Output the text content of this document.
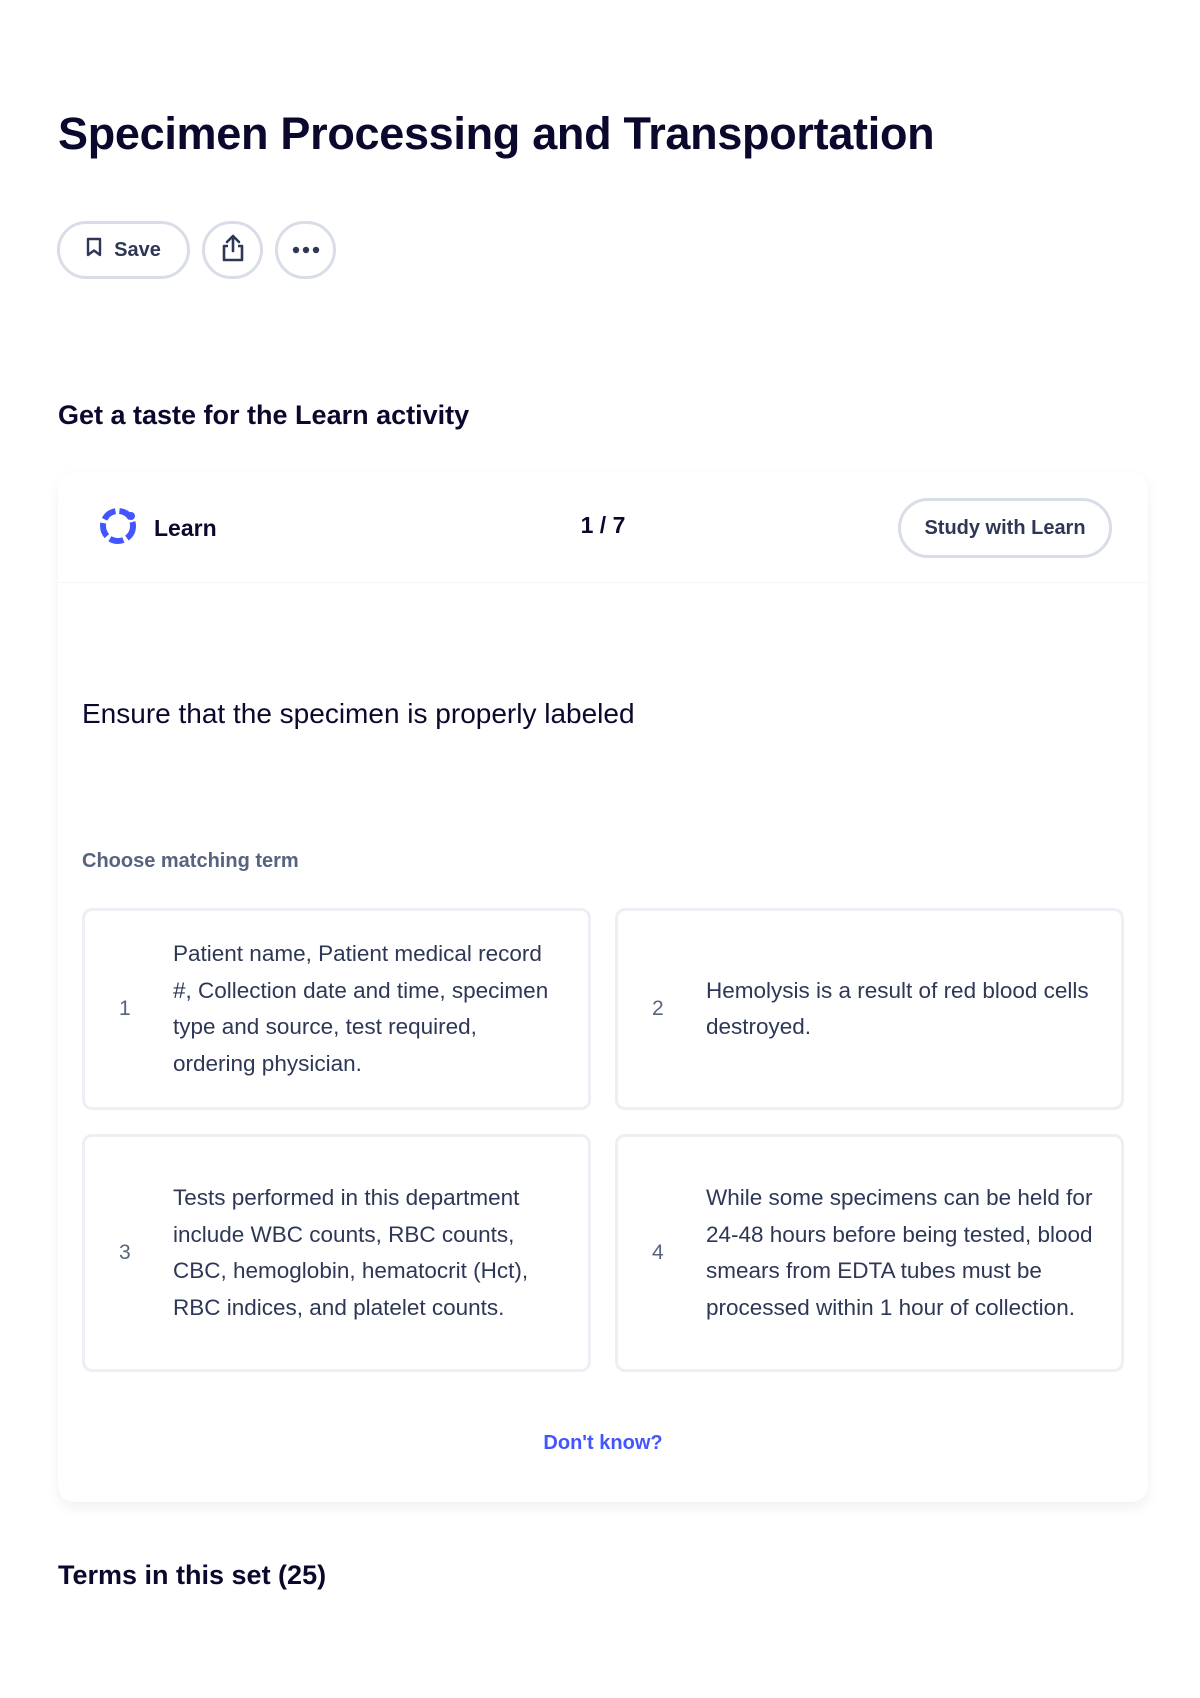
Specimen Processing and Transportation
Save
Get a taste for the Learn activity
Learn	1 / 7	Study with Learn

Ensure that the specimen is properly labeled

Choose matching term
1
Patient name, Patient medical record #, Collection date and time, specimen type and source, test required, ordering physician.
2
Hemolysis is a result of red blood cells destroyed.
3
Tests performed in this department include WBC counts, RBC counts, CBC, hemoglobin, hematocrit (Hct), RBC indices, and platelet counts.
4
While some specimens can be held for 24-48 hours before being tested, blood smears from EDTA tubes must be processed within 1 hour of collection.
Don't know?
Terms in this set (25)
